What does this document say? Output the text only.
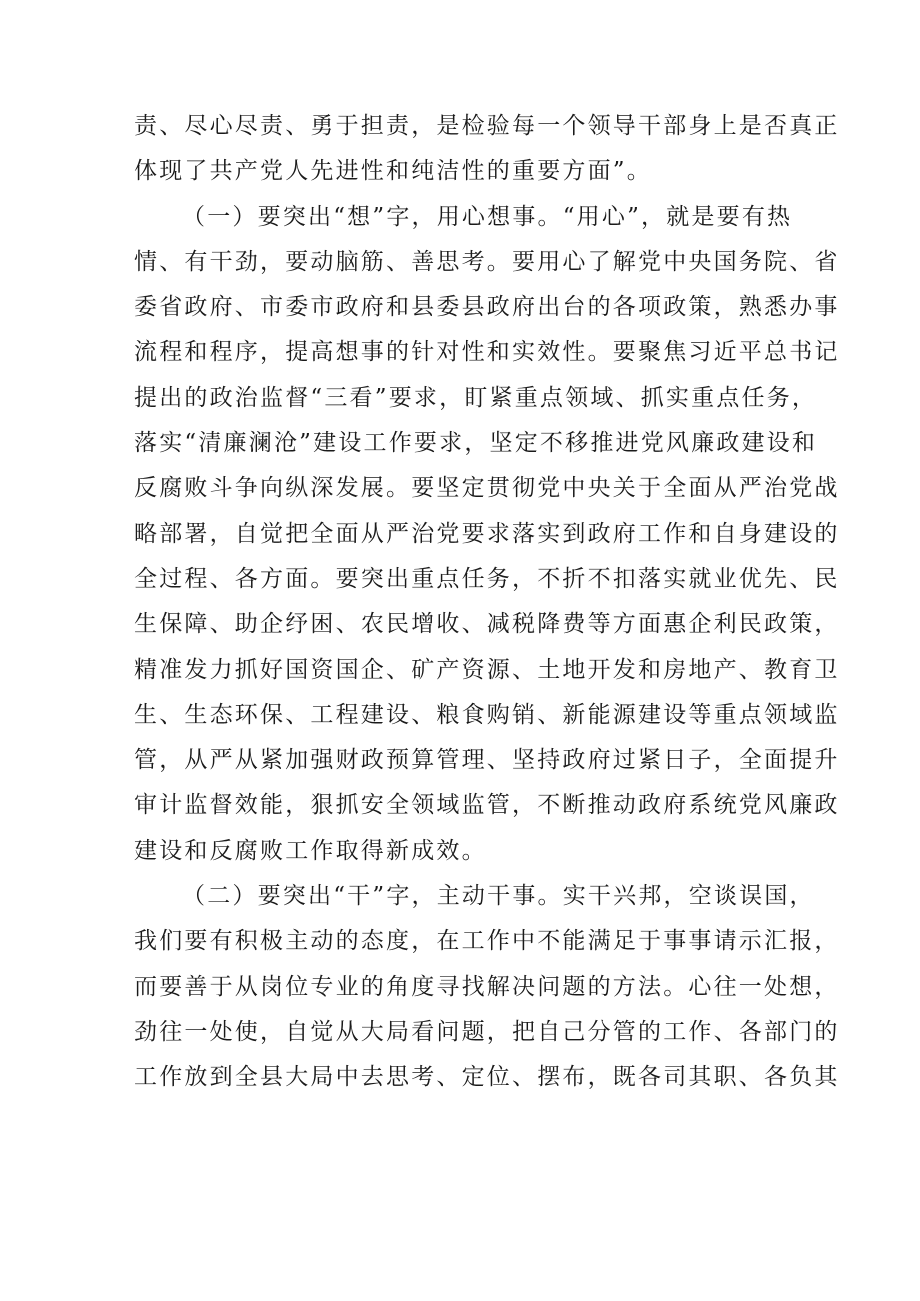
责、尽心尽责、勇于担责，是检验每一个领导干部身上是否真正
体现了共产党人先进性和纯洁性的重要方面”。
（一）要突出“想”字，用心想事。“用心”，就是要有热
情、有干劲，要动脑筋、善思考。要用心了解党中央国务院、省
委省政府、市委市政府和县委县政府出台的各项政策，熟悉办事
流程和程序，提高想事的针对性和实效性。要聚焦习近平总书记
提出的政治监督“三看”要求，盯紧重点领域、抓实重点任务，
落实“清廉澜沧”建设工作要求，坚定不移推进党风廉政建设和
反腐败斗争向纵深发展。要坚定贯彻党中央关于全面从严治党战
略部署，自觉把全面从严治党要求落实到政府工作和自身建设的
全过程、各方面。要突出重点任务，不折不扣落实就业优先、民
生保障、助企纾困、农民增收、减税降费等方面惠企利民政策，
精准发力抓好国资国企、矿产资源、土地开发和房地产、教育卫
生、生态环保、工程建设、粮食购销、新能源建设等重点领域监
管，从严从紧加强财政预算管理、坚持政府过紧日子，全面提升
审计监督效能，狠抓安全领域监管，不断推动政府系统党风廉政
建设和反腐败工作取得新成效。
（二）要突出“干”字，主动干事。实干兴邦，空谈误国，
我们要有积极主动的态度，在工作中不能满足于事事请示汇报，
而要善于从岗位专业的角度寻找解决问题的方法。心往一处想，
劲往一处使，自觉从大局看问题，把自己分管的工作、各部门的
工作放到全县大局中去思考、定位、摆布，既各司其职、各负其
